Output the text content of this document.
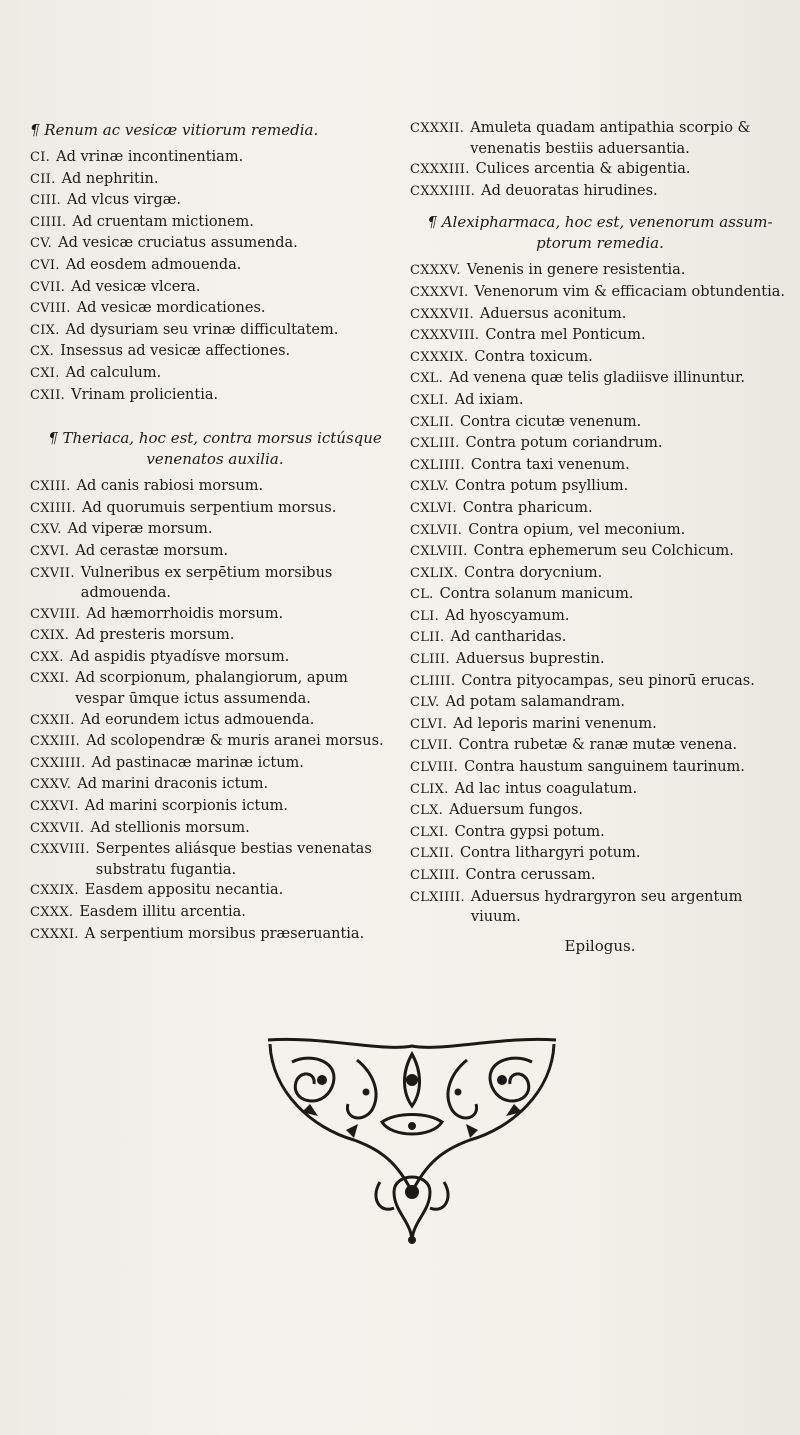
¶ Renum ac vesicæ vitiorum remedia.
CI. Ad vrinæ incontinentiam.
CII. Ad nephritin.
CIII. Ad vlcus virgæ.
CIIII. Ad cruentam mictionem.
CV. Ad vesicæ cruciatus assumenda.
CVI. Ad eosdem admouenda.
CVII. Ad vesicæ vlcera.
CVIII. Ad vesicæ mordicationes.
CIX. Ad dysuriam seu vrinæ difficultatem.
CX. Insessus ad vesicæ affectiones.
CXI. Ad calculum.
CXII. Vrinam prolicientia.
¶ Theriaca, hoc est, contra morsus ictúsque
venenatos auxilia.
CXIII. Ad canis rabiosi morsum.
CXIIII. Ad quorumuis serpentium morsus.
CXV. Ad viperæ morsum.
CXVI. Ad cerastæ morsum.
CXVII. Vulneribus ex serpētium morsibus admouenda.
CXVIII. Ad hæmorrhoidis morsum.
CXIX. Ad presteris morsum.
CXX. Ad aspidis ptyadísve morsum.
CXXI. Ad scorpionum, phalangiorum, apum vespar ūmque ictus assumenda.
CXXII. Ad eorundem ictus admouenda.
CXXIII. Ad scolopendræ & muris aranei morsus.
CXXIIII. Ad pastinacæ marinæ ictum.
CXXV. Ad marini draconis ictum.
CXXVI. Ad marini scorpionis ictum.
CXXVII. Ad stellionis morsum.
CXXVIII. Serpentes aliásque bestias venenatas substratu fugantia.
CXXIX. Easdem appositu necantia.
CXXX. Easdem illitu arcentia.
CXXXI. A serpentium morsibus præseruantia.
CXXXII. Amuleta quadam antipathia scorpio & venenatis bestiis aduersantia.
CXXXIII. Culices arcentia & abigentia.
CXXXIIII. Ad deuoratas hirudines.
¶ Alexipharmaca, hoc est, venenorum assum-
ptorum remedia.
CXXXV. Venenis in genere resistentia.
CXXXVI. Venenorum vim & efficaciam obtundentia.
CXXXVII. Aduersus aconitum.
CXXXVIII. Contra mel Ponticum.
CXXXIX. Contra toxicum.
CXL. Ad venena quæ telis gladiisve illinuntur.
CXLI. Ad ixiam.
CXLII. Contra cicutæ venenum.
CXLIII. Contra potum coriandrum.
CXLIIII. Contra taxi venenum.
CXLV. Contra potum psyllium.
CXLVI. Contra pharicum.
CXLVII. Contra opium, vel meconium.
CXLVIII. Contra ephemerum seu Colchicum.
CXLIX. Contra dorycnium.
CL. Contra solanum manicum.
CLI. Ad hyoscyamum.
CLII. Ad cantharidas.
CLIII. Aduersus buprestin.
CLIIII. Contra pityocampas, seu pinorū erucas.
CLV. Ad potam salamandram.
CLVI. Ad leporis marini venenum.
CLVII. Contra rubetæ & ranæ mutæ venena.
CLVIII. Contra haustum sanguinem taurinum.
CLIX. Ad lac intus coagulatum.
CLX. Aduersum fungos.
CLXI. Contra gypsi potum.
CLXII. Contra lithargyri potum.
CLXIII. Contra cerussam.
CLXIIII. Aduersus hydrargyron seu argentum viuum.
Epilogus.
